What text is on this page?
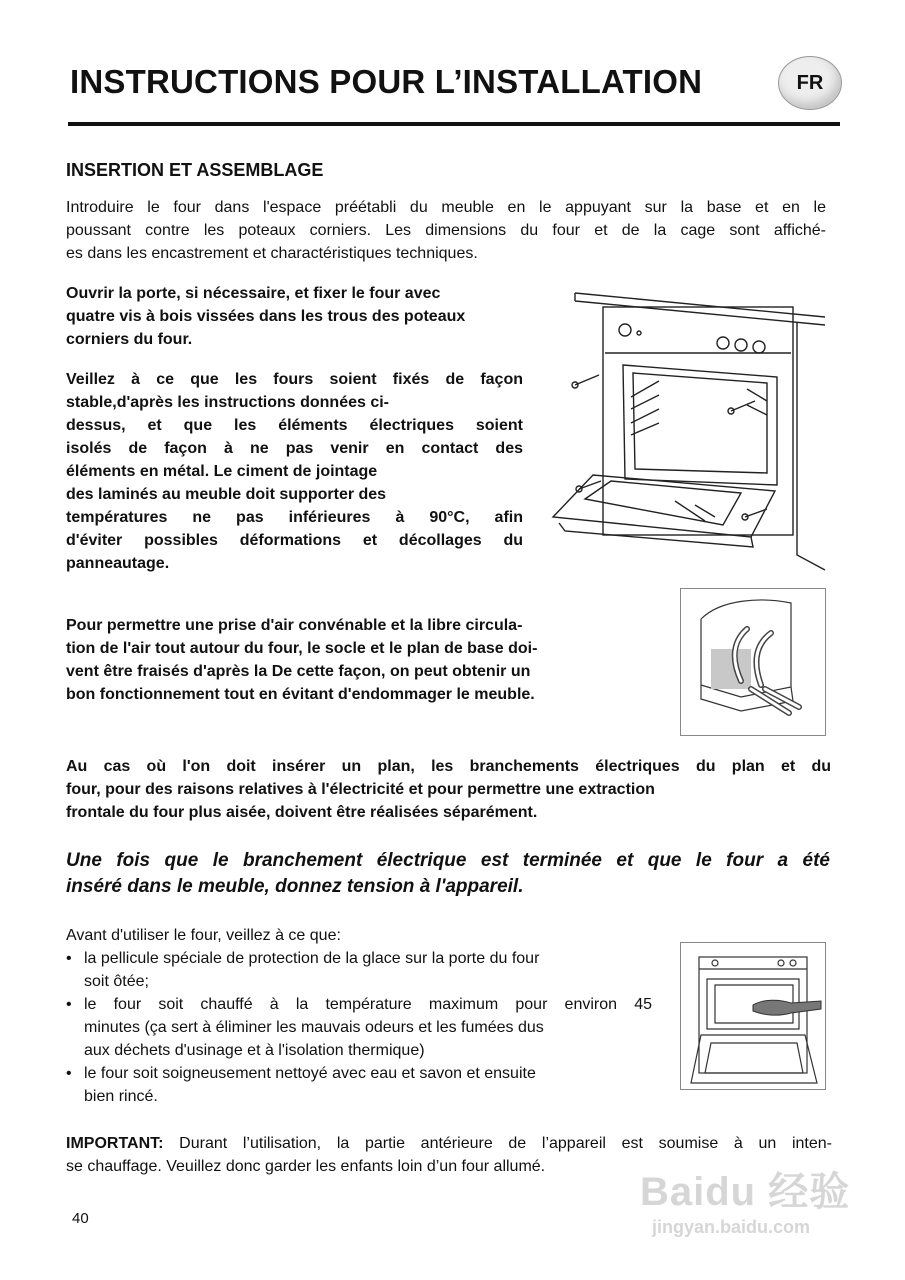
INSTRUCTIONS POUR L’INSTALLATION	FR
INSERTION ET ASSEMBLAGE
Introduire le four dans l'espace préétabli du meuble en le appuyant sur la base et en le
poussant contre les poteaux corniers. Les dimensions du four et de la cage sont affiché-
es dans les encastrement et charactéristiques techniques.
Ouvrir la porte, si nécessaire, et fixer le four avec
quatre vis à bois vissées dans les trous des poteaux
corniers du four.
Veillez à ce que les fours soient fixés de façon
stable,d'après les instructions données ci-
dessus, et que les éléments électriques soient
isolés de façon à ne pas venir en contact des
éléments en métal. Le ciment de jointage
des laminés au meuble doit supporter des
températures ne pas inférieures à 90°C, afin
d'éviter possibles déformations et décollages du
panneautage.
Pour permettre une prise d'air convénable et la libre circula-
tion de l'air tout autour du four, le socle et le plan de base doi-
vent être fraisés d'après la De cette façon, on peut obtenir un
bon fonctionnement tout en évitant d'endommager le meuble.
Au cas où l'on doit insérer un plan, les branchements électriques du plan et du
four, pour des raisons relatives à l'électricité et pour permettre une extraction
frontale du four plus aisée, doivent être réalisées séparément.
Une fois que le branchement électrique est terminée et que le four a été
inséré dans le meuble, donnez tension à l'appareil.
Avant d'utiliser le four, veillez à ce que:
• la pellicule spéciale de protection de la glace sur la porte du four
soit ôtée;
• le four soit chauffé à la température maximum pour environ 45
minutes (ça sert à éliminer les mauvais odeurs et les fumées dus
aux déchets d'usinage et à l'isolation thermique)
• le four soit soigneusement nettoyé avec eau et savon et ensuite
bien rincé.
IMPORTANT: Durant l’utilisation, la partie antérieure de l’appareil est soumise à un inten-
se chauffage. Veuillez donc garder les enfants loin d’un four allumé.
40
Baidu 经验
jingyan.baidu.com
